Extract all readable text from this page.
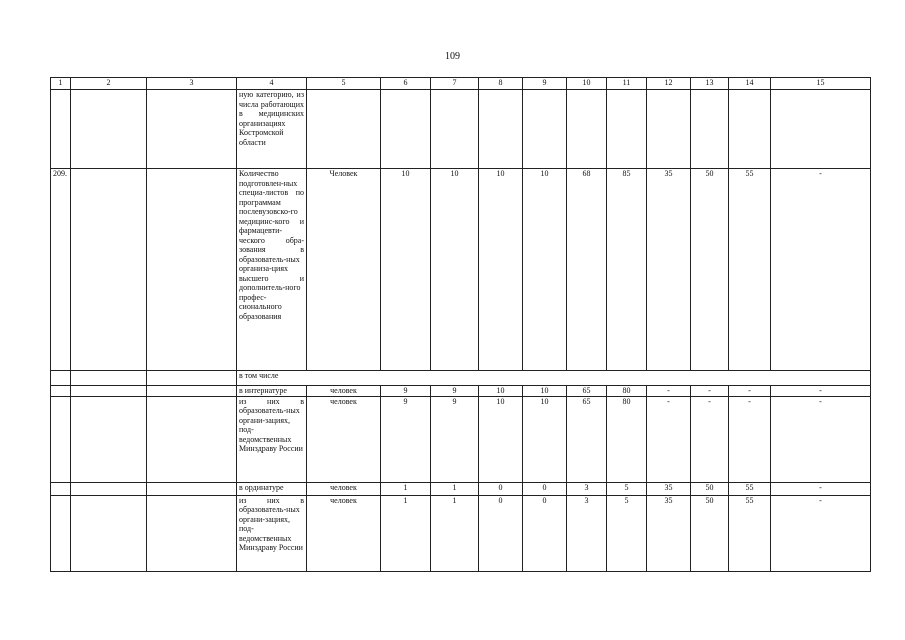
109
1	2	3	4	5	6	7	8	9	10	11	12	13	14	15
			ную категорию, из числа работающих в медицинских организациях Костромской области											
209.			Количество подготовлен-ных специа-листов по программам послевузовско-го медицинс-кого и фармацевти-ческого обра-зования в образователь-ных организа-циях высшего и дополнитель-ного профес-сионального образования	Человек	10	10	10	10	68	85	35	50	55	-
			в том числе											
			в интернатуре	человек	9	9	10	10	65	80	-	-	-	-
			из них в образователь-ных органи-зациях, под-ведомственных Минздраву России	человек	9	9	10	10	65	80	-	-	-	-
			в ординатуре	человек	1	1	0	0	3	5	35	50	55	-
			из них в образователь-ных органи-зациях, под-ведомственных Минздраву России	человек	1	1	0	0	3	5	35	50	55	-
